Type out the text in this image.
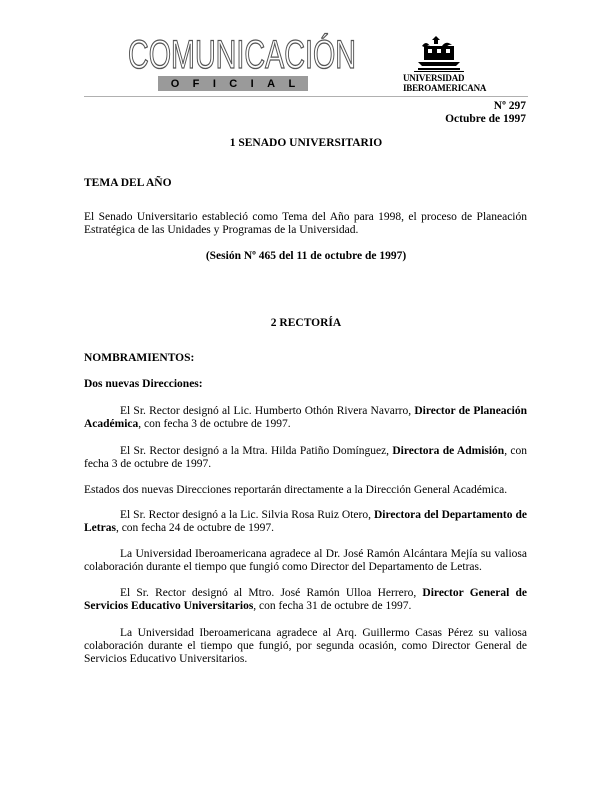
COMUNICACIÓN
O F I C I A L	UNIVERSIDAD
IBEROAMERICANA
Nº 297
Octubre de 1997
1 SENADO UNIVERSITARIO
TEMA DEL AÑO
El Senado Universitario estableció como Tema del Año para 1998, el proceso de Planeación Estratégica de las Unidades y Programas de la Universidad.
(Sesión Nº 465 del 11 de octubre de 1997)
2 RECTORÍA
NOMBRAMIENTOS:
Dos nuevas Direcciones:
El Sr. Rector designó al Lic. Humberto Othón Rivera Navarro, Director de Planeación Académica, con fecha 3 de octubre de 1997.
El Sr. Rector designó a la Mtra. Hilda Patiño Domínguez, Directora de Admisión, con fecha 3 de octubre de 1997.
Estados dos nuevas Direcciones reportarán directamente a la Dirección General Académica.
El Sr. Rector designó a la Lic. Silvia Rosa Ruiz Otero, Directora del Departamento de Letras, con fecha 24 de octubre de 1997.
La Universidad Iberoamericana agradece al Dr. José Ramón Alcántara Mejía su valiosa colaboración durante el tiempo que fungió como Director del Departamento de Letras.
El Sr. Rector designó al Mtro. José Ramón Ulloa Herrero, Director General de Servicios Educativo Universitarios, con fecha 31 de octubre de 1997.
La Universidad Iberoamericana agradece al Arq. Guillermo Casas Pérez su valiosa colaboración durante el tiempo que fungió, por segunda ocasión, como Director General de Servicios Educativo Universitarios.
